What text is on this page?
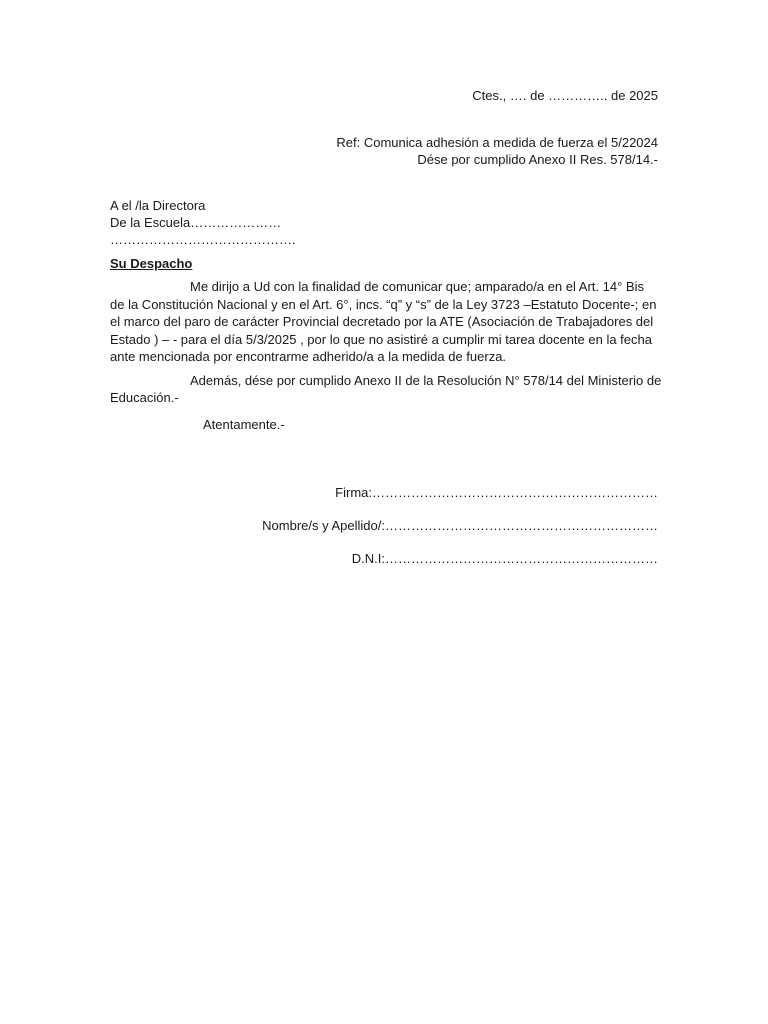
Ctes., …. de ………….. de 2025
Ref: Comunica adhesión a medida de fuerza el 5/22024
Dése por cumplido Anexo II Res. 578/14.-
A el /la Directora
De la Escuela…………………
…………………………………….
Su Despacho

Me dirijo a Ud con la finalidad de comunicar que; amparado/a en el Art. 14° Bis de la Constitución Nacional y en el Art. 6°, incs. “q” y “s” de la Ley 3723 –Estatuto Docente-; en el marco del paro de carácter Provincial decretado por la ATE (Asociación de Trabajadores del Estado ) – - para el día 5/3/2025 , por lo que no asistiré a cumplir mi tarea docente en la fecha ante mencionada por encontrarme adherido/a a la medida de fuerza.

Además, dése por cumplido Anexo II de la Resolución N° 578/14 del Ministerio de Educación.-

Atentamente.-
Firma:…………………………………………………………
Nombre/s y Apellido/:………………………………………………………
D.N.I:………………………………………………………
